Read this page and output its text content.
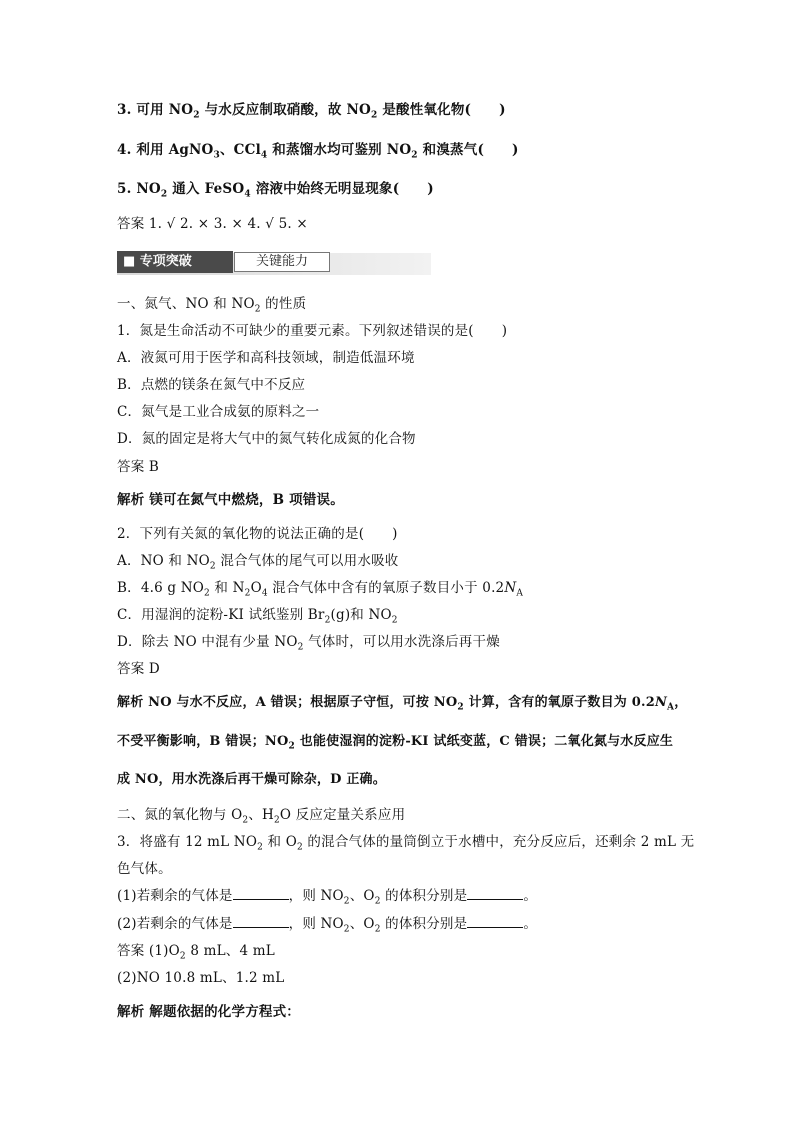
3. 可用 $NO_2$ 与水反应制取硝酸，故 $NO_2$ 是酸性氧化物( )
4. 利用 AgNO$_3$、CCl$_4$ 和蒸馏水均可鉴别 $NO_2$ 和溴蒸气( )
5. $NO_2$ 通入 FeSO$_4$ 溶液中始终无明显现象( )
答案 1. √ 2. × 3. × 4. √ 5. ×
■ 专项突破	关键能力
一、氮气、NO 和 $NO_2$ 的性质
1．氮是生命活动不可缺少的重要元素。下列叙述错误的是( )
A．液氮可用于医学和高科技领域，制造低温环境
B．点燃的镁条在氮气中不反应
C．氮气是工业合成氨的原料之一
D．氮的固定是将大气中的氮气转化成氮的化合物
答案 B
解析 镁可在氮气中燃烧，B 项错误。
2．下列有关氮的氧化物的说法正确的是( )
A．NO 和 $NO_2$ 混合气体的尾气可以用水吸收
B．4.6 g $NO_2$ 和 $N_2O_4$ 混合气体中含有的氧原子数目小于 $0.2N_A$
C．用湿润的淀粉-KI 试纸鉴别 $Br_2(g)$和 $NO_2$
D．除去 NO 中混有少量 $NO_2$ 气体时，可以用水洗涤后再干燥
答案 D
解析 NO 与水不反应，A 错误；根据原子守恒，可按 $NO_2$ 计算，含有的氧原子数目为 $0.2N_A$，
不受平衡影响，B 错误；$NO_2$ 也能使湿润的淀粉-KI 试纸变蓝，C 错误；二氧化氮与水反应生
成 NO，用水洗涤后再干燥可除杂，D 正确。
二、氮的氧化物与 $O_2$、$H_2O$ 反应定量关系应用
3．将盛有 12 mL $NO_2$ 和 $O_2$ 的混合气体的量筒倒立于水槽中，充分反应后，还剩余 2 mL 无
色气体。
(1)若剩余的气体是	，则 $NO_2$、$O_2$ 的体积分别是	。
(2)若剩余的气体是	，则 $NO_2$、$O_2$ 的体积分别是	。
答案 $(1)O_2$ 8 mL、4 mL
(2)NO 10.8 mL、1.2 mL
解析 解题依据的化学方程式：
